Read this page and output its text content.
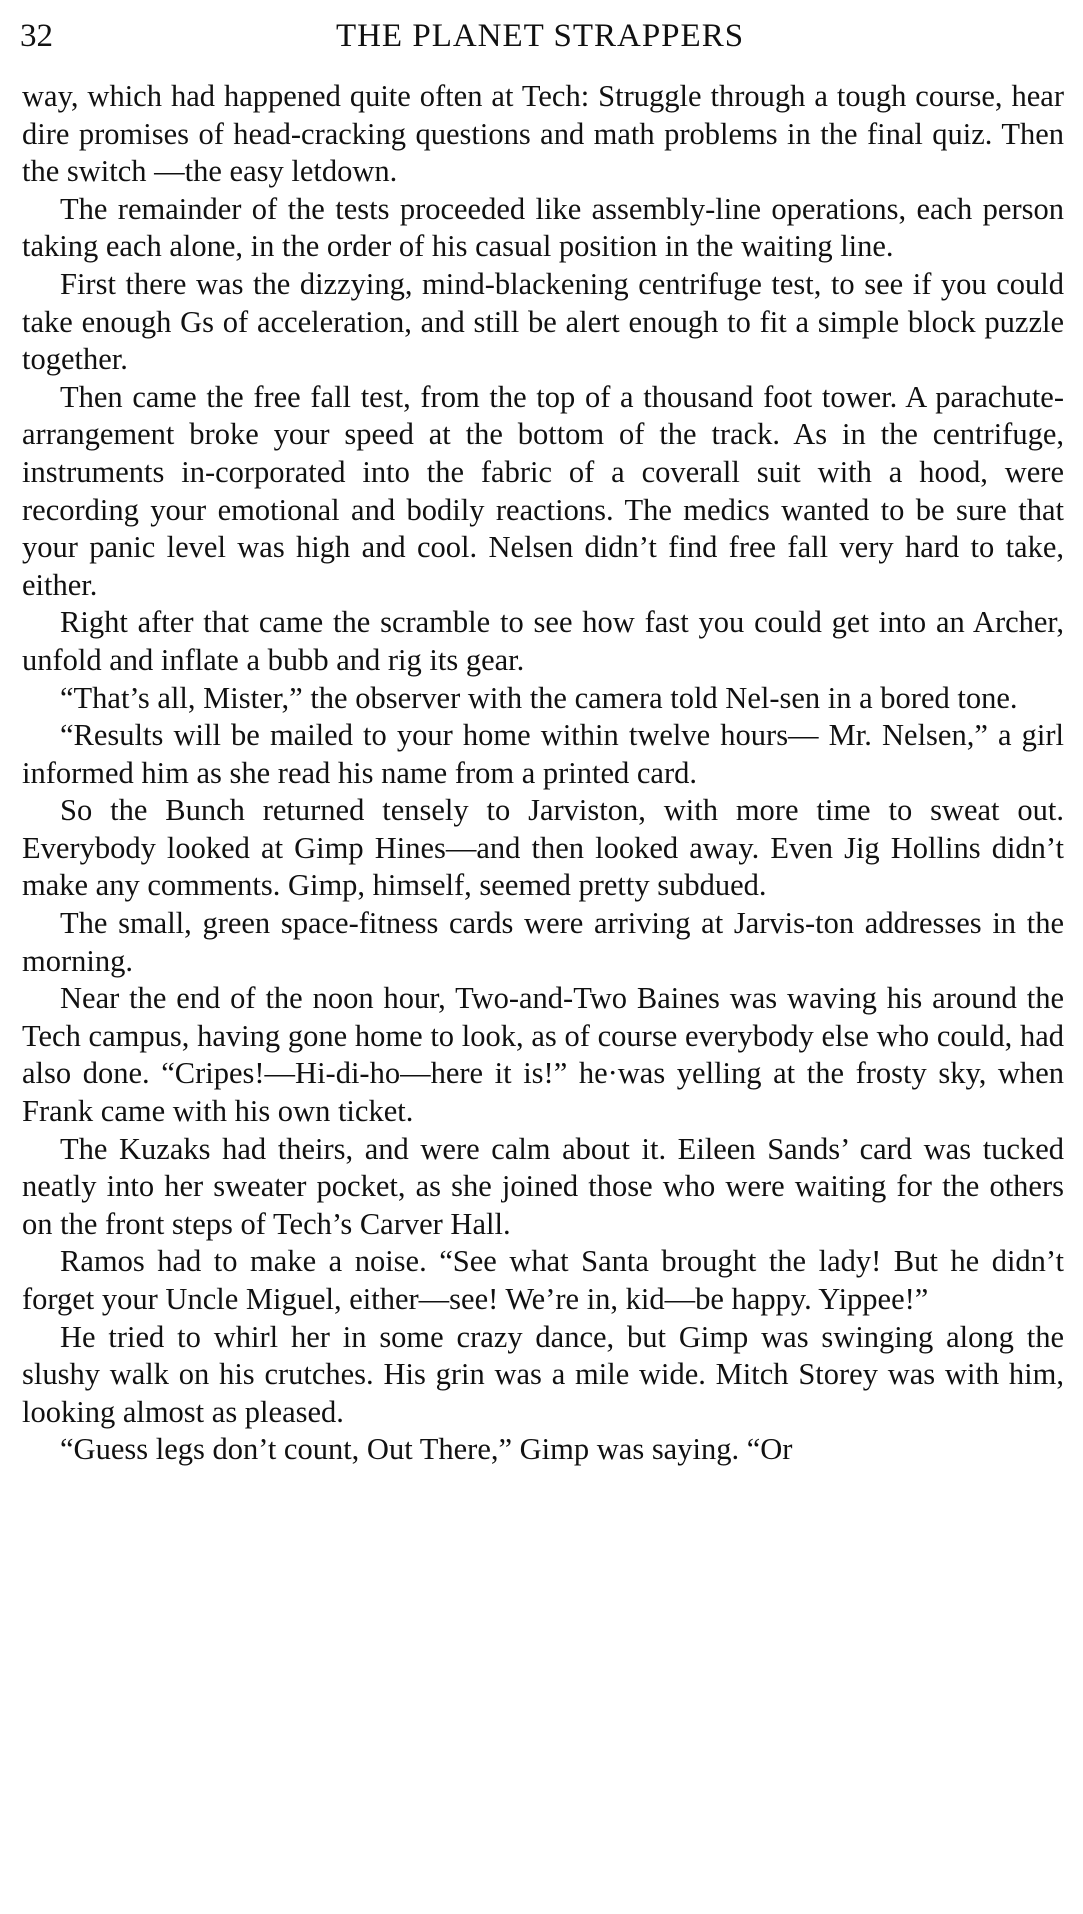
32	THE PLANET STRAPPERS

way, which had happened quite often at Tech: Struggle through a tough course, hear dire promises of head-cracking questions and math problems in the final quiz. Then the switch —the easy letdown.

The remainder of the tests proceeded like assembly-line operations, each person taking each alone, in the order of his casual position in the waiting line.

First there was the dizzying, mind-blackening centrifuge test, to see if you could take enough Gs of acceleration, and still be alert enough to fit a simple block puzzle together.

Then came the free fall test, from the top of a thousand foot tower. A parachute-arrangement broke your speed at the bottom of the track. As in the centrifuge, instruments in-corporated into the fabric of a coverall suit with a hood, were recording your emotional and bodily reactions. The medics wanted to be sure that your panic level was high and cool. Nelsen didn’t find free fall very hard to take, either.

Right after that came the scramble to see how fast you could get into an Archer, unfold and inflate a bubb and rig its gear.

“That’s all, Mister,” the observer with the camera told Nel-sen in a bored tone.

“Results will be mailed to your home within twelve hours— Mr. Nelsen,” a girl informed him as she read his name from a printed card.

So the Bunch returned tensely to Jarviston, with more time to sweat out. Everybody looked at Gimp Hines—and then looked away. Even Jig Hollins didn’t make any comments. Gimp, himself, seemed pretty subdued.

The small, green space-fitness cards were arriving at Jarvis-ton addresses in the morning.

Near the end of the noon hour, Two-and-Two Baines was waving his around the Tech campus, having gone home to look, as of course everybody else who could, had also done. “Cripes!—Hi-di-ho—here it is!” he·was yelling at the frosty sky, when Frank came with his own ticket.

The Kuzaks had theirs, and were calm about it. Eileen Sands’ card was tucked neatly into her sweater pocket, as she joined those who were waiting for the others on the front steps of Tech’s Carver Hall.

Ramos had to make a noise. “See what Santa brought the lady! But he didn’t forget your Uncle Miguel, either—see! We’re in, kid—be happy. Yippee!”

He tried to whirl her in some crazy dance, but Gimp was swinging along the slushy walk on his crutches. His grin was a mile wide. Mitch Storey was with him, looking almost as pleased.

“Guess legs don’t count, Out There,” Gimp was saying. “Or
